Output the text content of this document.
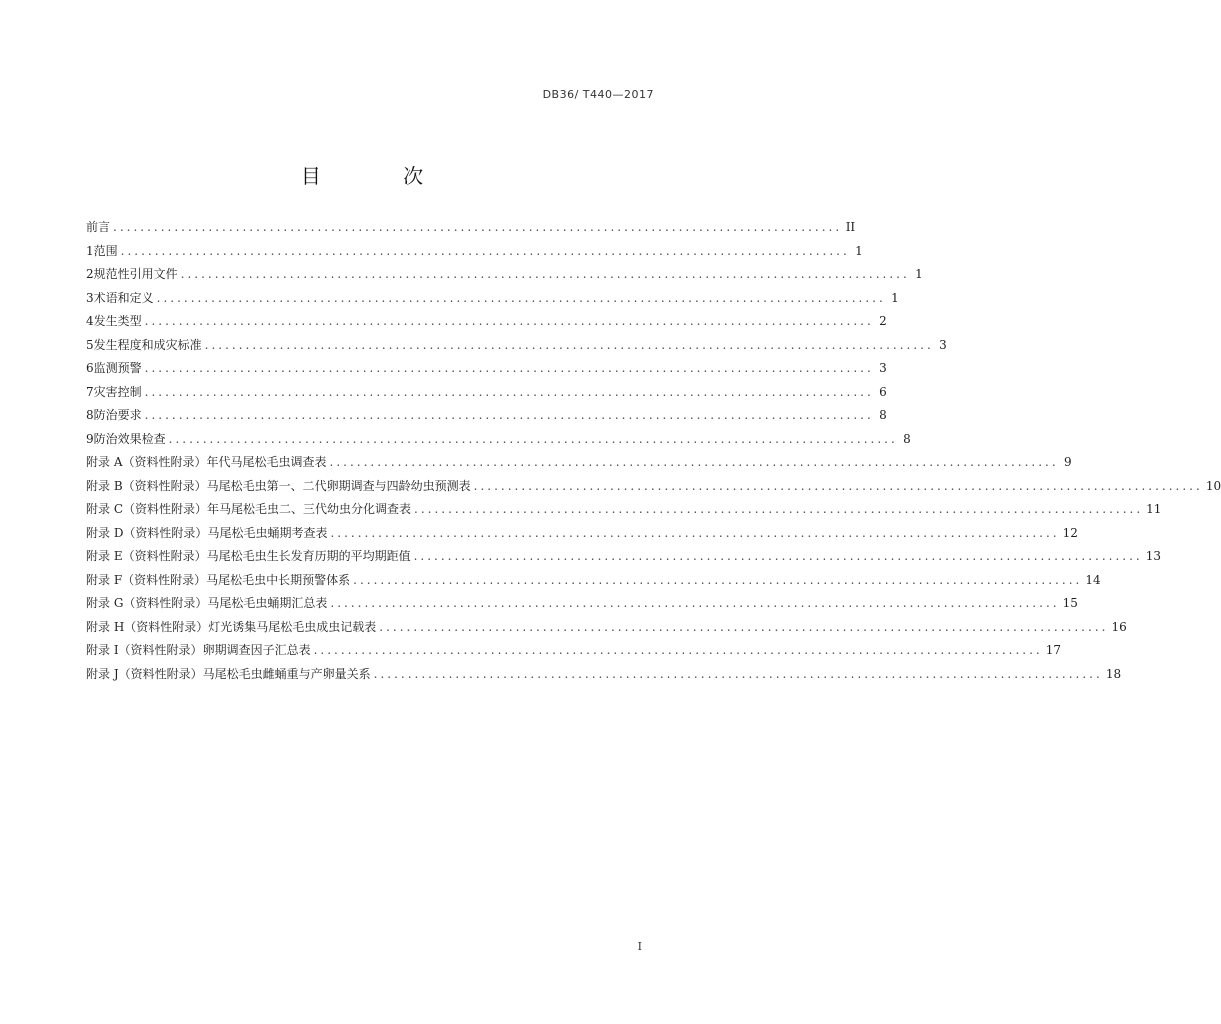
DB36/ T440—2017
目 次
前言 ........................................................................................................... II
1 范围 ........................................................................................................... 1
2 规范性引用文件 ........................................................................................................... 1
3 术语和定义 ........................................................................................................... 1
4 发生类型 ........................................................................................................... 2
5 发生程度和成灾标准 ........................................................................................................... 3
6 监测预警 ........................................................................................................... 3
7 灾害控制 ........................................................................................................... 6
8 防治要求 ........................................................................................................... 8
9 防治效果检查 ........................................................................................................... 8
附录 A（资料性附录） 年 代马尾松毛虫调查表 ........................................................................................................... 9
附录 B（资料性附录） 马尾松毛虫第一、二代卵期调查与四龄幼虫预测表 ........................................................................................................... 10
附录 C（资料性附录） 年马尾松毛虫二、三代幼虫分化调查表 ........................................................................................................... 11
附录 D（资料性附录） 马尾松毛虫蛹期考查表 ........................................................................................................... 12
附录 E（资料性附录） 马尾松毛虫生长发育历期的平均期距值 ........................................................................................................... 13
附录 F（资料性附录） 马尾松毛虫中长期预警体系 ........................................................................................................... 14
附录 G（资料性附录） 马尾松毛虫蛹期汇总表 ........................................................................................................... 15
附录 H（资料性附录） 灯光诱集马尾松毛虫成虫记载表 ........................................................................................................... 16
附录 I（资料性附录） 卵期调查因子汇总表 ........................................................................................................... 17
附录 J（资料性附录） 马尾松毛虫雌蛹重与产卵量关系 ........................................................................................................... 18
I
